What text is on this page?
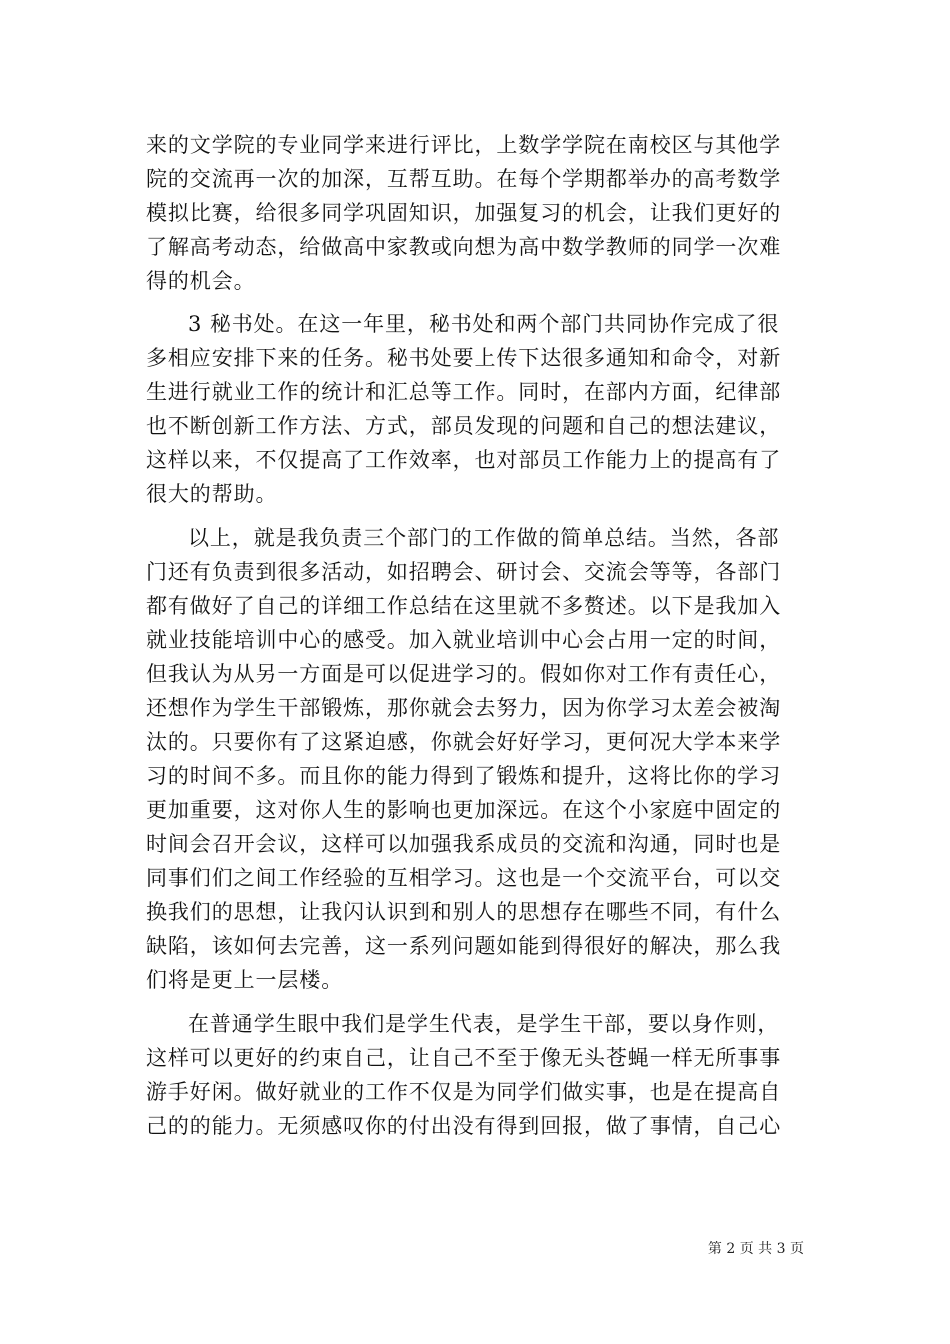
来的文学院的专业同学来进行评比，上数学学院在南校区与其他学
院的交流再一次的加深，互帮互助。在每个学期都举办的高考数学
模拟比赛，给很多同学巩固知识，加强复习的机会，让我们更好的
了解高考动态，给做高中家教或向想为高中数学教师的同学一次难
得的机会。
3 秘书处。在这一年里，秘书处和两个部门共同协作完成了很
多相应安排下来的任务。秘书处要上传下达很多通知和命令，对新
生进行就业工作的统计和汇总等工作。同时，在部内方面，纪律部
也不断创新工作方法、方式，部员发现的问题和自己的想法建议，
这样以来，不仅提高了工作效率，也对部员工作能力上的提高有了
很大的帮助。
以上，就是我负责三个部门的工作做的简单总结。当然，各部
门还有负责到很多活动，如招聘会、研讨会、交流会等等，各部门
都有做好了自己的详细工作总结在这里就不多赘述。以下是我加入
就业技能培训中心的感受。加入就业培训中心会占用一定的时间，
但我认为从另一方面是可以促进学习的。假如你对工作有责任心，
还想作为学生干部锻炼，那你就会去努力，因为你学习太差会被淘
汰的。只要你有了这紧迫感，你就会好好学习，更何况大学本来学
习的时间不多。而且你的能力得到了锻炼和提升，这将比你的学习
更加重要，这对你人生的影响也更加深远。在这个小家庭中固定的
时间会召开会议，这样可以加强我系成员的交流和沟通，同时也是
同事们们之间工作经验的互相学习。这也是一个交流平台，可以交
换我们的思想，让我闪认识到和别人的思想存在哪些不同，有什么
缺陷，该如何去完善，这一系列问题如能到得很好的解决，那么我
们将是更上一层楼。
在普通学生眼中我们是学生代表，是学生干部，要以身作则，
这样可以更好的约束自己，让自己不至于像无头苍蝇一样无所事事
游手好闲。做好就业的工作不仅是为同学们做实事，也是在提高自
己的的能力。无须感叹你的付出没有得到回报，做了事情，自己心
第 2 页 共 3 页
